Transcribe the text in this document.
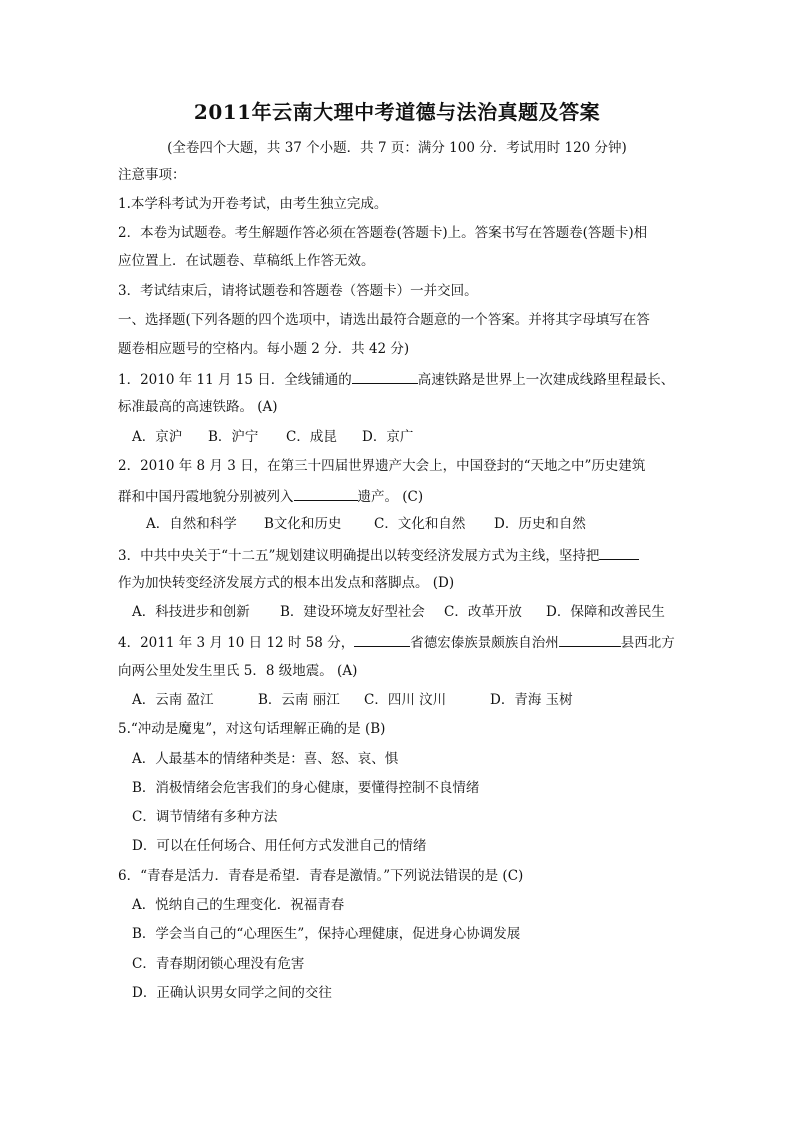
2011年云南大理中考道德与法治真题及答案
(全卷四个大题，共 37 个小题．共 7 页：满分 100 分．考试用时 120 分钟)
注意事项：
1.本学科考试为开卷考试，由考生独立完成。
2．本卷为试题卷。考生解题作答必须在答题卷(答题卡)上。答案书写在答题卷(答题卡)相
应位置上．在试题卷、草稿纸上作答无效。
3．考试结束后，请将试题卷和答题卷（答题卡）一并交回。
一、选择题(下列各题的四个选项中，请选出最符合题意的一个答案。并将其字母填写在答
题卷相应题号的空格内。每小题 2 分．共 42 分)
1．2010 年 11 月 15 日．全线铺通的	高速铁路是世界上一次建成线路里程最长、
标准最高的高速铁路。 (A)
A．京沪 B．沪宁 C．成昆 D．京广
2．2010 年 8 月 3 日，在第三十四届世界遗产大会上，中国登封的“天地之中”历史建筑
群和中国丹霞地貌分别被列入	遗产。 (C)
A．自然和科学 B文化和历史 C．文化和自然 D．历史和自然
3．中共中央关于“十二五”规划建议明确提出以转变经济发展方式为主线，坚持把
作为加快转变经济发展方式的根本出发点和落脚点。 (D)
A．科技进步和创新 B．建设环境友好型社会 C．改革开放 D．保障和改善民生
4．2011 年 3 月 10 日 12 时 58 分，	省德宏傣族景颇族自治州	县西北方
向两公里处发生里氏 5．8 级地震。 (A)
A．云南 盈江	B．云南 丽江 C．四川 汶川	D．青海 玉树
5.“冲动是魔鬼”，对这句话理解正确的是 (B)
A．人最基本的情绪种类是：喜、怒、哀、惧
B．消极情绪会危害我们的身心健康，要懂得控制不良情绪
C．调节情绪有多种方法
D．可以在任何场合、用任何方式发泄自己的情绪
6．“青春是活力．青春是希望．青春是激情。”下列说法错误的是 (C)
A．悦纳自己的生理变化．祝福青春
B．学会当自己的“心理医生”，保持心理健康，促进身心协调发展
C．青春期闭锁心理没有危害
D．正确认识男女同学之间的交往
